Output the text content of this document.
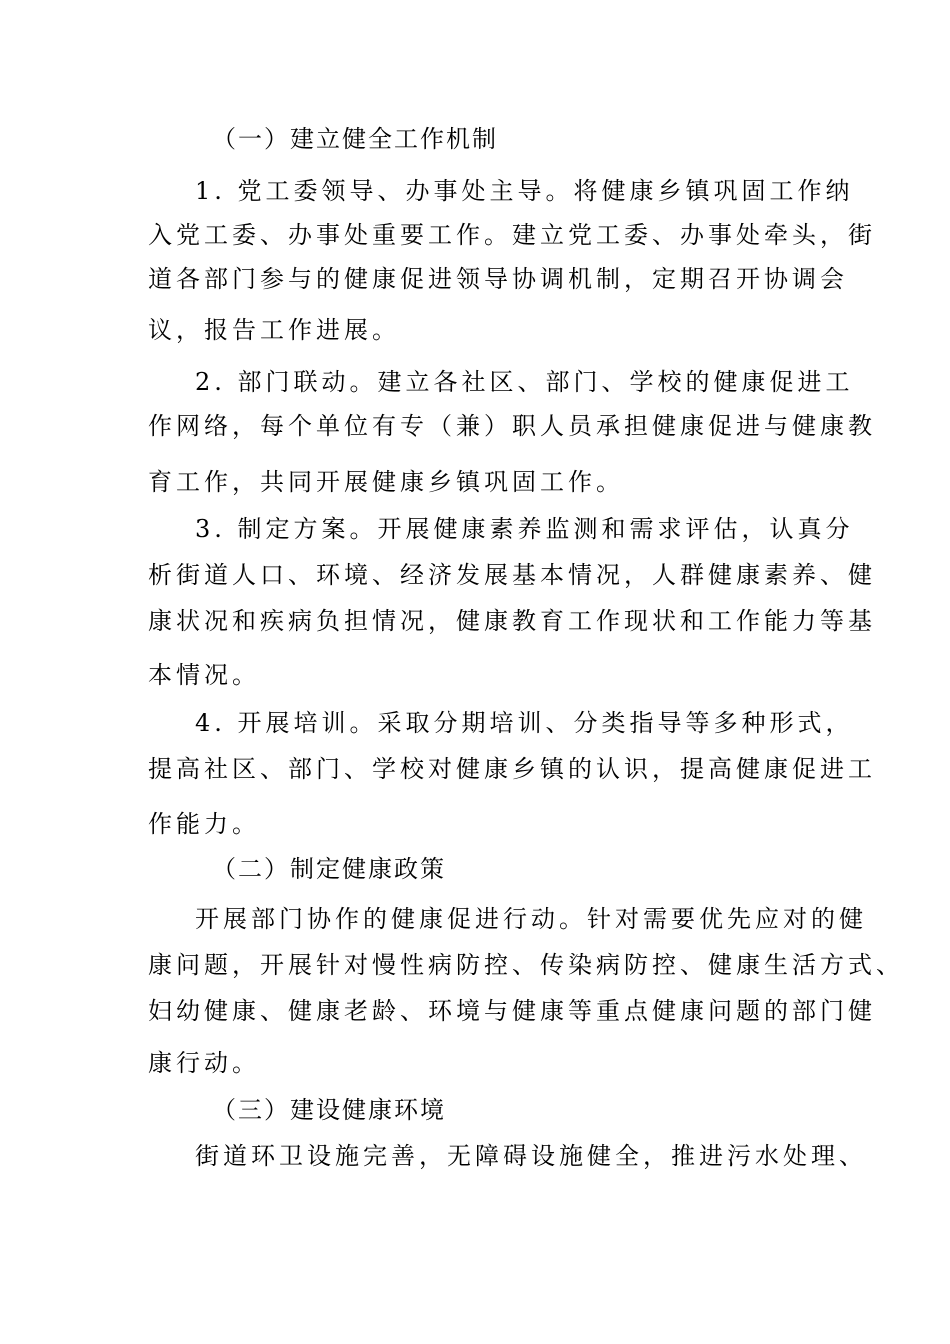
（一）建立健全工作机制
1. 党工委领导、办事处主导。将健康乡镇巩固工作纳
入党工委、办事处重要工作。建立党工委、办事处牵头，街
道各部门参与的健康促进领导协调机制，定期召开协调会
议，报告工作进展。
2. 部门联动。建立各社区、部门、学校的健康促进工
作网络，每个单位有专（兼）职人员承担健康促进与健康教
育工作，共同开展健康乡镇巩固工作。
3. 制定方案。开展健康素养监测和需求评估，认真分
析街道人口、环境、经济发展基本情况，人群健康素养、健
康状况和疾病负担情况，健康教育工作现状和工作能力等基
本情况。
4. 开展培训。采取分期培训、分类指导等多种形式，
提高社区、部门、学校对健康乡镇的认识，提高健康促进工
作能力。
（二）制定健康政策
开展部门协作的健康促进行动。针对需要优先应对的健
康问题，开展针对慢性病防控、传染病防控、健康生活方式、
妇幼健康、健康老龄、环境与健康等重点健康问题的部门健
康行动。
（三）建设健康环境
街道环卫设施完善，无障碍设施健全，推进污水处理、
